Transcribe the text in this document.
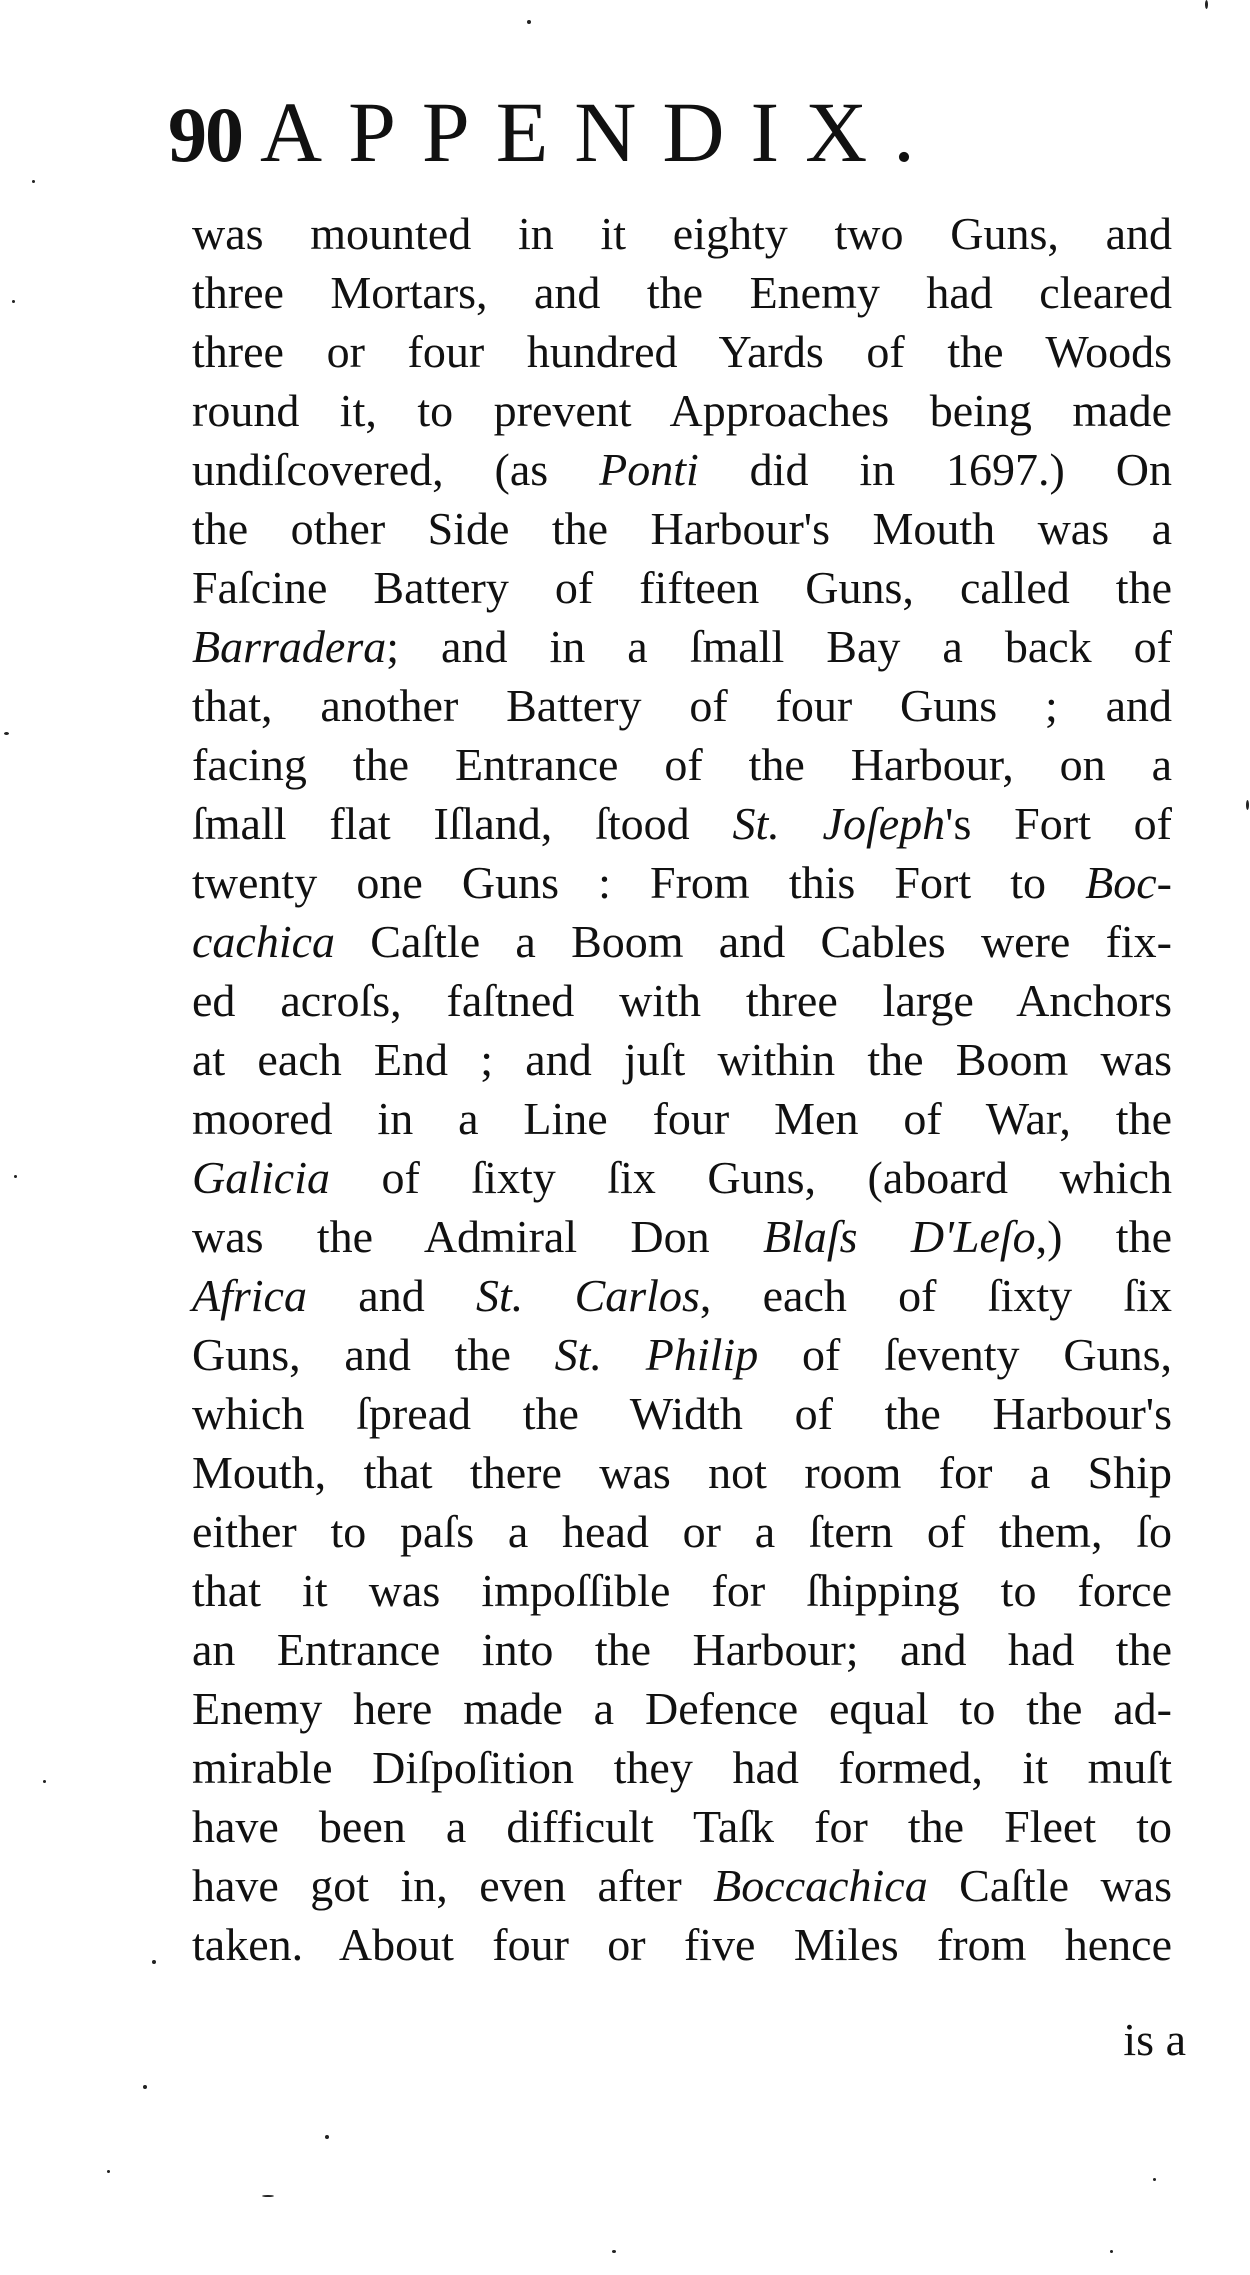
90 APPENDIX.
was mounted in it eighty two Guns, and
three Mortars, and the Enemy had cleared
three or four hundred Yards of the Woods
round it, to prevent Approaches being made
undiſcovered, (as Ponti did in 1697.) On
the other Side the Harbour's Mouth was a
Faſcine Battery of fifteen Guns, called the
Barradera; and in a ſmall Bay a back of
that, another Battery of four Guns ; and
facing the Entrance of the Harbour, on a
ſmall flat Iſland, ſtood St. Joſeph's Fort of
twenty one Guns : From this Fort to Boc-
cachica Caſtle a Boom and Cables were fix-
ed acroſs, faſtned with three large Anchors
at each End ; and juſt within the Boom was
moored in a Line four Men of War, the
Galicia of ſixty ſix Guns, (aboard which
was the Admiral Don Blaſs D'Leſo,) the
Africa and St. Carlos, each of ſixty ſix
Guns, and the St. Philip of ſeventy Guns,
which ſpread the Width of the Harbour's
Mouth, that there was not room for a Ship
either to paſs a head or a ſtern of them, ſo
that it was impoſſible for ſhipping to force
an Entrance into the Harbour; and had the
Enemy here made a Defence equal to the ad-
mirable Diſpoſition they had formed, it muſt
have been a difficult Taſk for the Fleet to
have got in, even after Boccachica Caſtle was
taken. About four or five Miles from hence
is a
